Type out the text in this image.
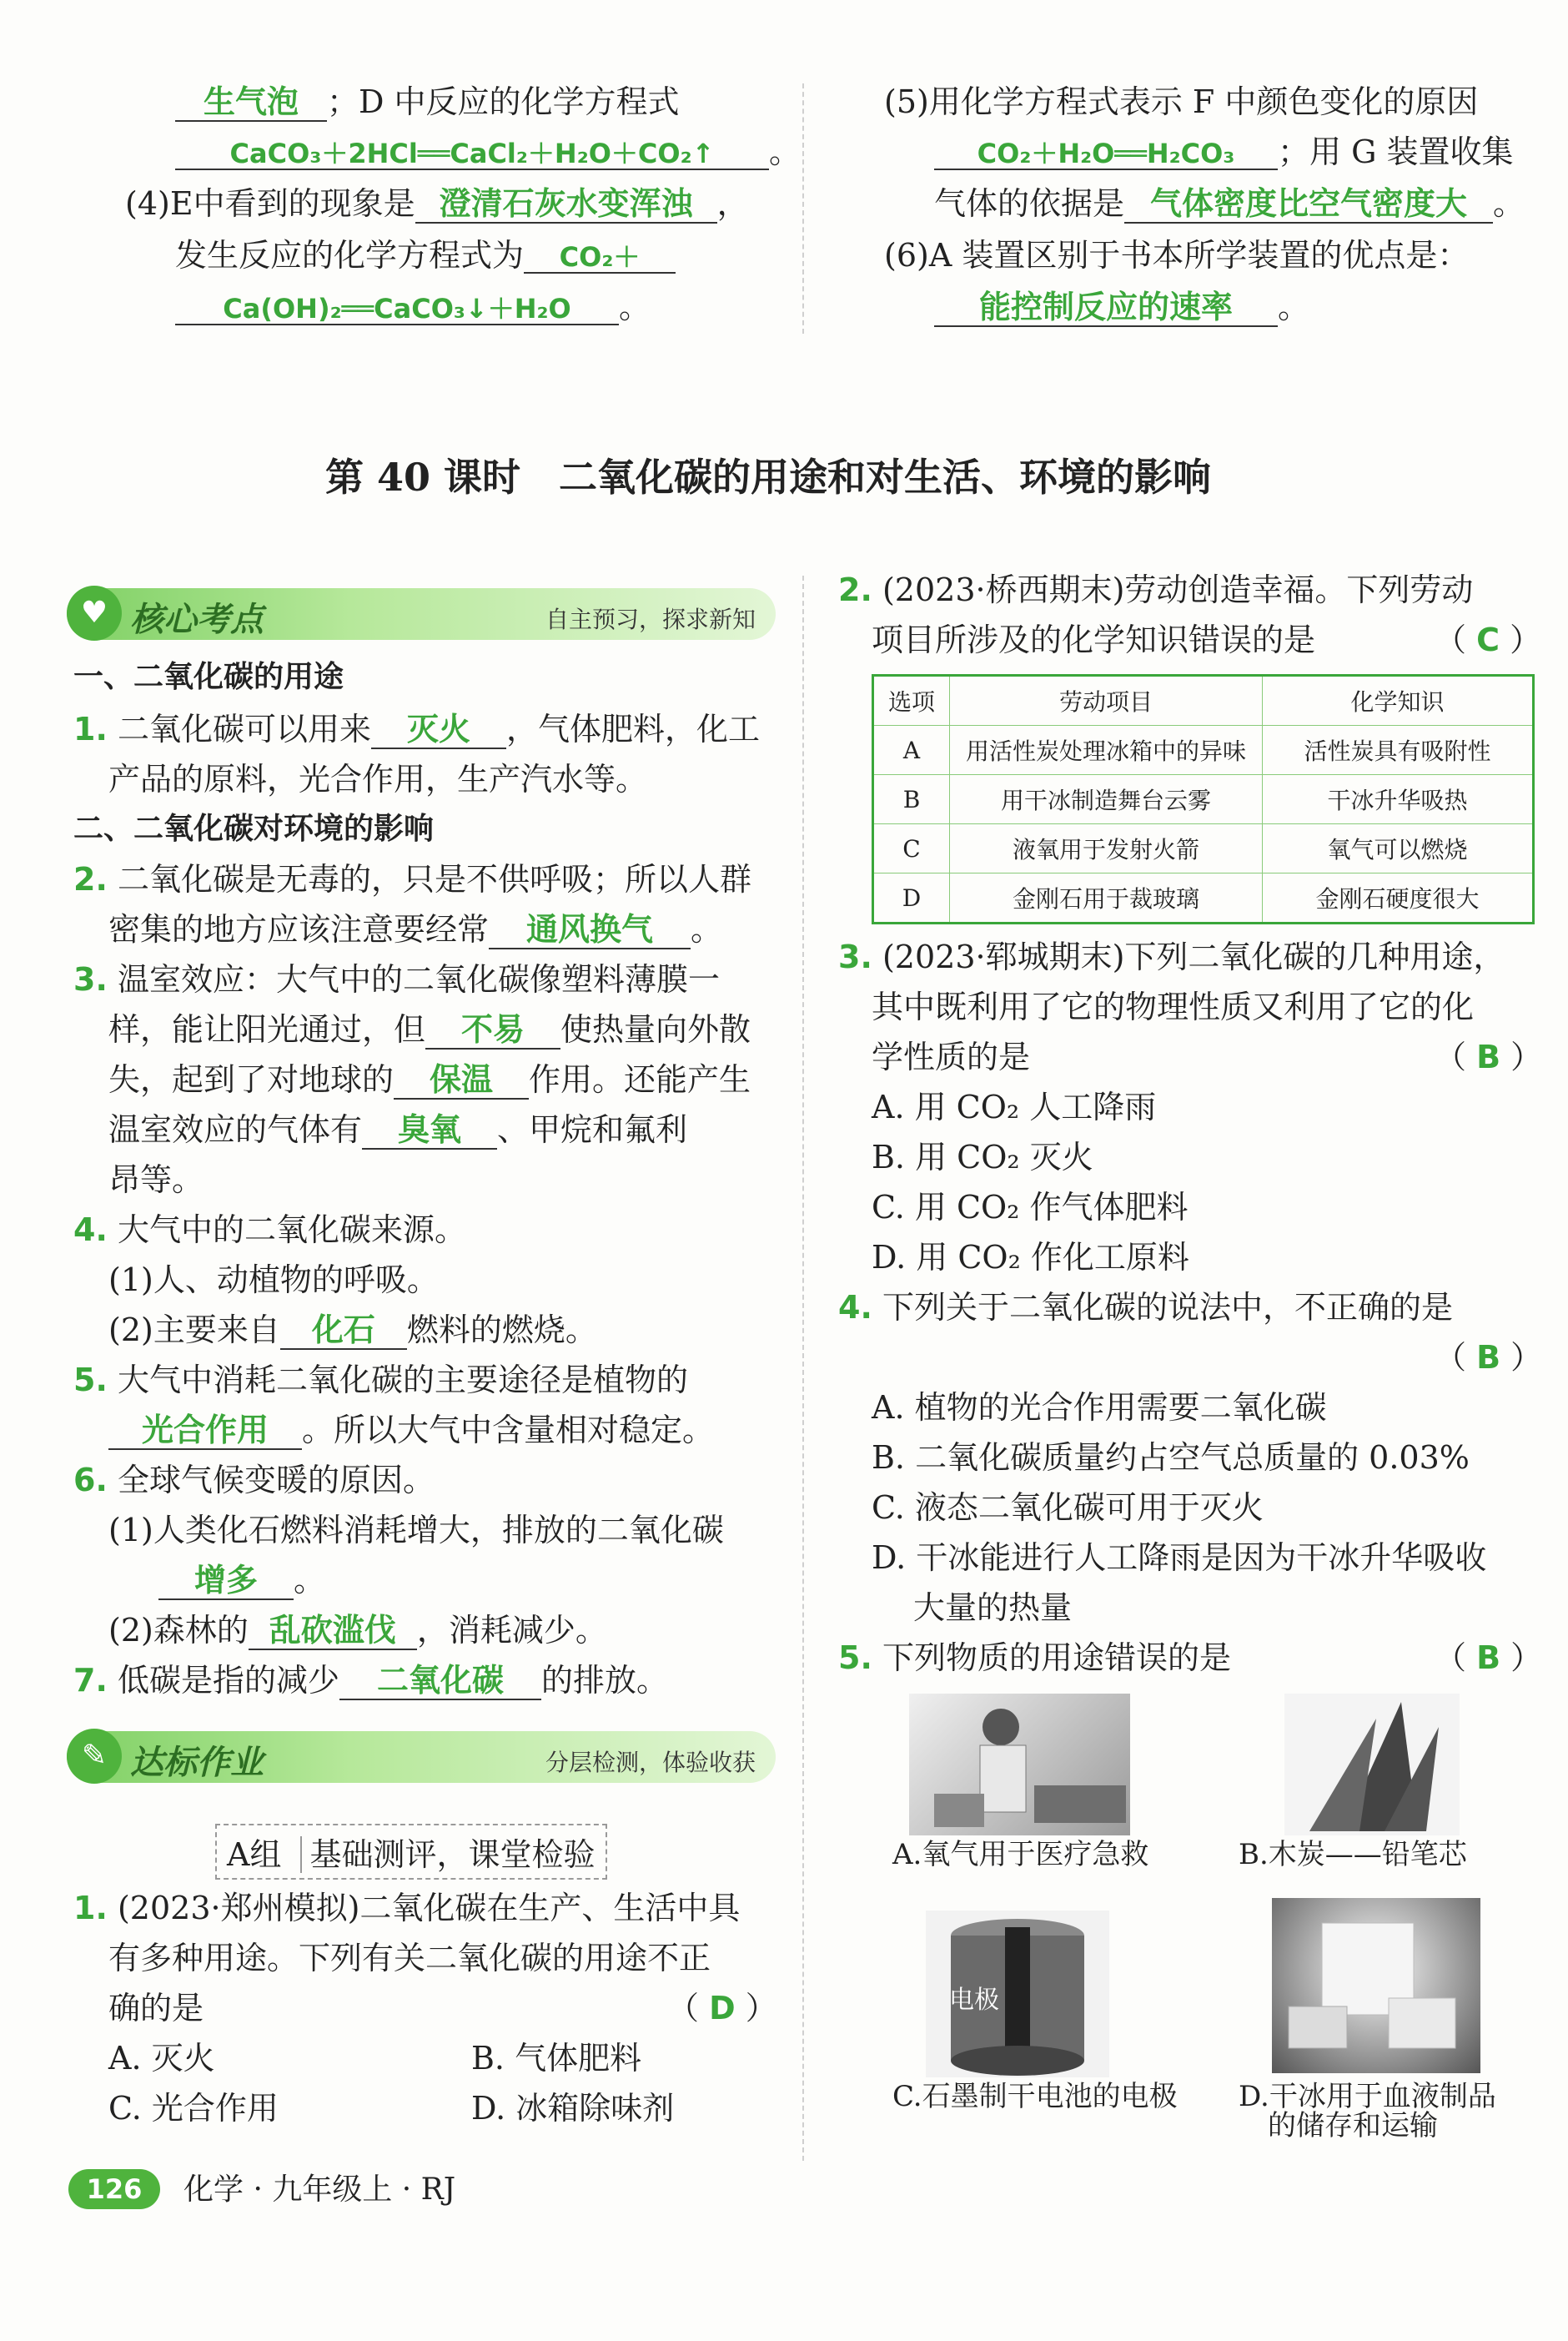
生气泡 ；D 中反应的化学方程式
CaCO₃＋2HCl══CaCl₂＋H₂O＋CO₂↑ 。
(4)E中看到的现象是 澄清石灰水变浑浊 ，
发生反应的化学方程式为 CO₂＋
Ca(OH)₂══CaCO₃↓＋H₂O 。
(5)用化学方程式表示 F 中颜色变化的原因
CO₂＋H₂O══H₂CO₃ ；用 G 装置收集
气体的依据是 气体密度比空气密度大 。
(6)A 装置区别于书本所学装置的优点是：
能控制反应的速率 。
第 40 课时　二氧化碳的用途和对生活、环境的影响
♥ 核心考点	自主预习，探求新知
一、二氧化碳的用途
1. 二氧化碳可以用来 灭火 ，气体肥料，化工
产品的原料，光合作用，生产汽水等。
二、二氧化碳对环境的影响
2. 二氧化碳是无毒的，只是不供呼吸；所以人群
密集的地方应该注意要经常 通风换气 。
3. 温室效应：大气中的二氧化碳像塑料薄膜一
样，能让阳光通过，但 不易 使热量向外散
失，起到了对地球的 保温 作用。还能产生
温室效应的气体有 臭氧 、甲烷和氟利
昂等。
4. 大气中的二氧化碳来源。
(1)人、动植物的呼吸。
(2)主要来自 化石 燃料的燃烧。
5. 大气中消耗二氧化碳的主要途径是植物的
光合作用 。所以大气中含量相对稳定。
6. 全球气候变暖的原因。
(1)人类化石燃料消耗增大，排放的二氧化碳
增多 。
(2)森林的 乱砍滥伐 ，消耗减少。
7. 低碳是指的减少 二氧化碳 的排放。
✎ 达标作业	分层检测，体验收获
A组 基础测评，课堂检验
1. (2023·郑州模拟)二氧化碳在生产、生活中具
有多种用途。下列有关二氧化碳的用途不正
确的是	（ D ）
A. 灭火	B. 气体肥料
C. 光合作用	D. 冰箱除味剂
2. (2023·桥西期末)劳动创造幸福。下列劳动
项目所涉及的化学知识错误的是	（ C ）
选项	劳动项目	化学知识
A	用活性炭处理冰箱中的异味	活性炭具有吸附性
B	用干冰制造舞台云雾	干冰升华吸热
C	液氧用于发射火箭	氧气可以燃烧
D	金刚石用于裁玻璃	金刚石硬度很大
3. (2023·郓城期末)下列二氧化碳的几种用途，
其中既利用了它的物理性质又利用了它的化
学性质的是	（ B ）
A. 用 CO₂ 人工降雨
B. 用 CO₂ 灭火
C. 用 CO₂ 作气体肥料
D. 用 CO₂ 作化工原料
4. 下列关于二氧化碳的说法中，不正确的是
（ B ）
A. 植物的光合作用需要二氧化碳
B. 二氧化碳质量约占空气总质量的 0.03%
C. 液态二氧化碳可用于灭火
D. 干冰能进行人工降雨是因为干冰升华吸收
大量的热量
5. 下列物质的用途错误的是	（ B ）
A.氧气用于医疗急救	B.木炭——铅笔芯
电极
C.石墨制干电池的电极 D.干冰用于血液制品
的储存和运输
126	化学 · 九年级上 · RJ
